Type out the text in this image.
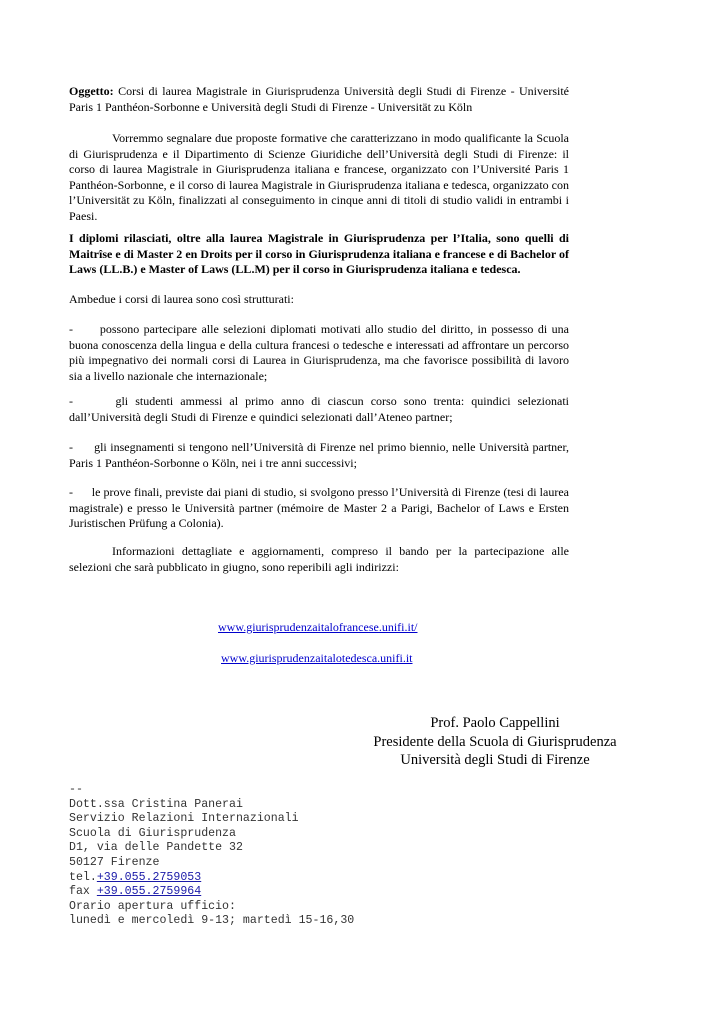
Oggetto: Corsi di laurea Magistrale in Giurisprudenza Università degli Studi di Firenze - Université Paris 1 Panthéon-Sorbonne e Università degli Studi di Firenze - Universität zu Köln
Vorremmo segnalare due proposte formative che caratterizzano in modo qualificante la Scuola di Giurisprudenza e il Dipartimento di Scienze Giuridiche dell’Università degli Studi di Firenze: il corso di laurea Magistrale in Giurisprudenza italiana e francese, organizzato con l’Université Paris 1 Panthéon-Sorbonne, e il corso di laurea Magistrale in Giurisprudenza italiana e tedesca, organizzato con l’Universität zu Köln, finalizzati al conseguimento in cinque anni di titoli di studio validi in entrambi i Paesi.
I diplomi rilasciati, oltre alla laurea Magistrale in Giurisprudenza per l’Italia, sono quelli di Maitrîse e di Master 2 en Droits per il corso in Giurisprudenza italiana e francese e di Bachelor of Laws (LL.B.) e Master of Laws (LL.M) per il corso in Giurisprudenza italiana e tedesca.
Ambedue i corsi di laurea sono così strutturati:
-      possono partecipare alle selezioni diplomati motivati allo studio del diritto, in possesso di una buona conoscenza della lingua e della cultura francesi o tedesche e interessati ad affrontare un percorso più impegnativo dei normali corsi di Laurea in Giurisprudenza, ma che favorisce possibilità di lavoro sia a livello nazionale che internazionale;
-      gli studenti ammessi al primo anno di ciascun corso sono trenta: quindici selezionati dall’Università degli Studi di Firenze e quindici selezionati dall’Ateneo partner;
-      gli insegnamenti si tengono nell’Università di Firenze nel primo biennio, nelle Università partner, Paris 1 Panthéon-Sorbonne o Köln, nei i tre anni successivi;
-      le prove finali, previste dai piani di studio, si svolgono presso l’Università di Firenze (tesi di laurea magistrale) e presso le Università partner (mémoire de Master 2 a Parigi, Bachelor of Laws e Ersten Juristischen Prüfung a Colonia).
Informazioni dettagliate e aggiornamenti, compreso il bando per la partecipazione alle selezioni che sarà pubblicato in giugno, sono reperibili agli indirizzi:
www.giurisprudenzaitalofrancese.unifi.it/
www.giurisprudenzaitalotedesca.unifi.it
Prof. Paolo Cappellini
Presidente della Scuola di Giurisprudenza
Università degli Studi di Firenze
--
Dott.ssa Cristina Panerai
Servizio Relazioni Internazionali
Scuola di Giurisprudenza
D1, via delle Pandette 32
50127 Firenze
tel.+39.055.2759053
fax +39.055.2759964
Orario apertura ufficio:
lunedì e mercoledì 9-13; martedì 15-16,30
